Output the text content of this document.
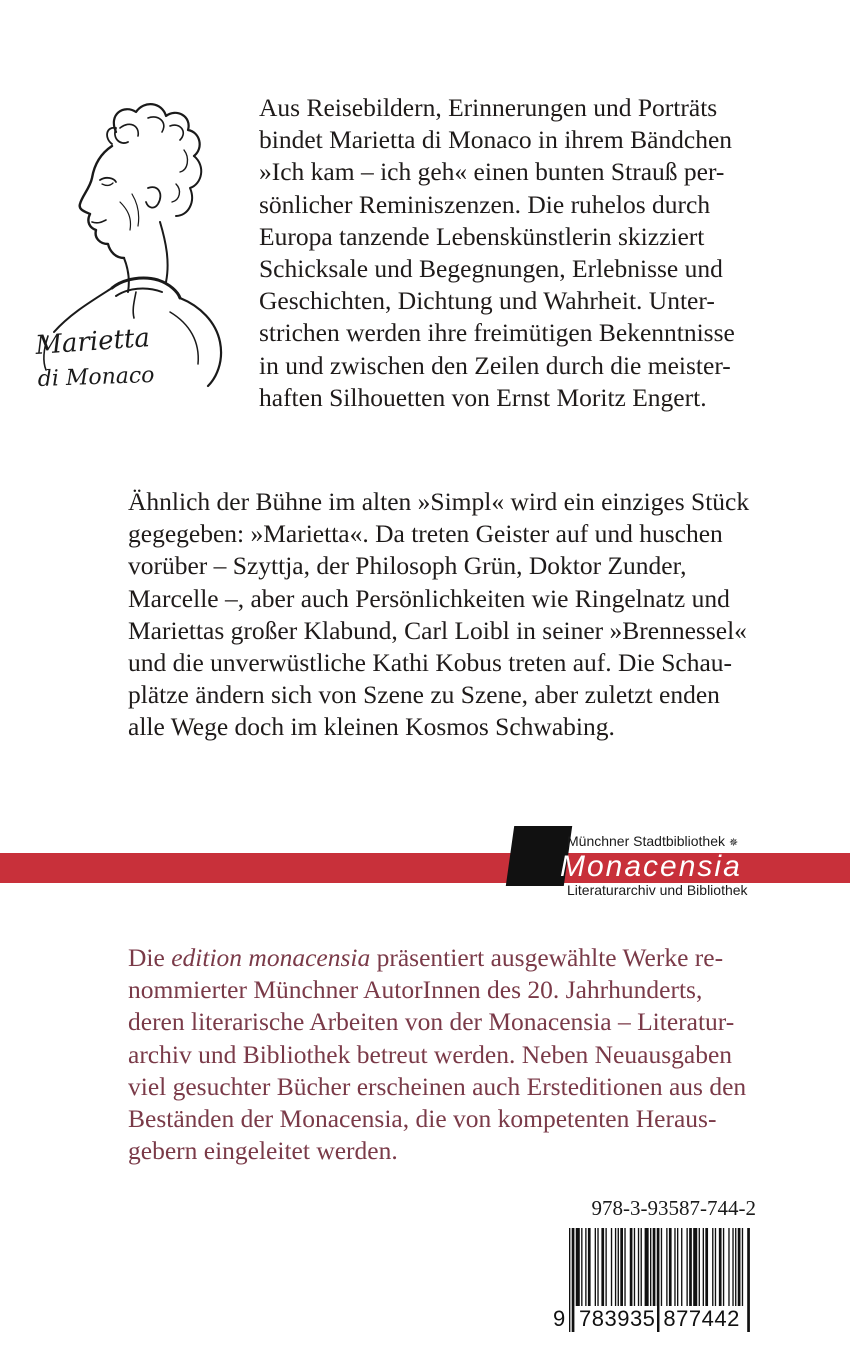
Marietta
di Monaco

Aus Reisebildern, Erinnerungen und Porträts
bindet Marietta di Monaco in ihrem Bändchen
»Ich kam – ich geh« einen bunten Strauß per-
sönlicher Reminiszenzen. Die ruhelos durch
Europa tanzende Lebenskünstlerin skizziert
Schicksale und Begegnungen, Erlebnisse und
Geschichten, Dichtung und Wahrheit. Unter-
strichen werden ihre freimütigen Bekenntnisse
in und zwischen den Zeilen durch die meister-
haften Silhouetten von Ernst Moritz Engert.

Ähnlich der Bühne im alten »Simpl« wird ein einziges Stück
gegegeben: »Marietta«. Da treten Geister auf und huschen
vorüber – Szyttja, der Philosoph Grün, Doktor Zunder,
Marcelle –, aber auch Persönlichkeiten wie Ringelnatz und
Mariettas großer Klabund, Carl Loibl in seiner »Brennessel«
und die unverwüstliche Kathi Kobus treten auf. Die Schau-
plätze ändern sich von Szene zu Szene, aber zuletzt enden
alle Wege doch im kleinen Kosmos Schwabing.

Münchner Stadtbibliothek ✵
Monacensia
Literaturarchiv und Bibliothek

Die edition monacensia präsentiert ausgewählte Werke re-
nommierter Münchner AutorInnen des 20. Jahrhunderts,
deren literarische Arbeiten von der Monacensia – Literatur-
archiv und Bibliothek betreut werden. Neben Neuausgaben
viel gesuchter Bücher erscheinen auch Ersteditionen aus den
Beständen der Monacensia, die von kompetenten Heraus-
gebern eingeleitet werden.

978-3-93587-744-2
9 783935 877442
